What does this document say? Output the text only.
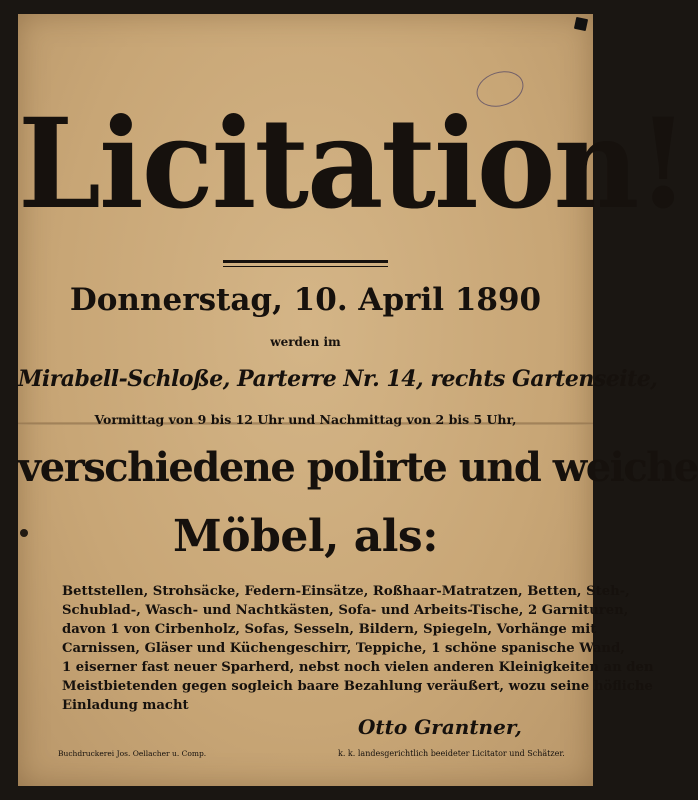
Licitation!
Donnerstag, 10. April 1890
werden im
Mirabell-Schloße, Parterre Nr. 14, rechts Gartenseite,
Vormittag von 9 bis 12 Uhr und Nachmittag von 2 bis 5 Uhr,
verschiedene polirte und weiche
Möbel, als:
Bettstellen, Strohsäcke, Federn-Einsätze, Roßhaar-Matratzen, Betten, Steh-,
Schublad-, Wasch- und Nachtkästen, Sofa- und Arbeits-Tische, 2 Garnituren,
davon 1 von Cirbenholz, Sofas, Sesseln, Bildern, Spiegeln, Vorhänge mit
Carnissen, Gläser und Küchengeschirr, Teppiche, 1 schöne spanische Wand,
1 eiserner fast neuer Sparherd, nebst noch vielen anderen Kleinigkeiten an den
Meistbietenden gegen sogleich baare Bezahlung veräußert, wozu seine höfliche
Einladung macht
Otto Grantner,
Buchdruckerei Jos. Oellacher u. Comp.	k. k. landesgerichtlich beeideter Licitator und Schätzer.
